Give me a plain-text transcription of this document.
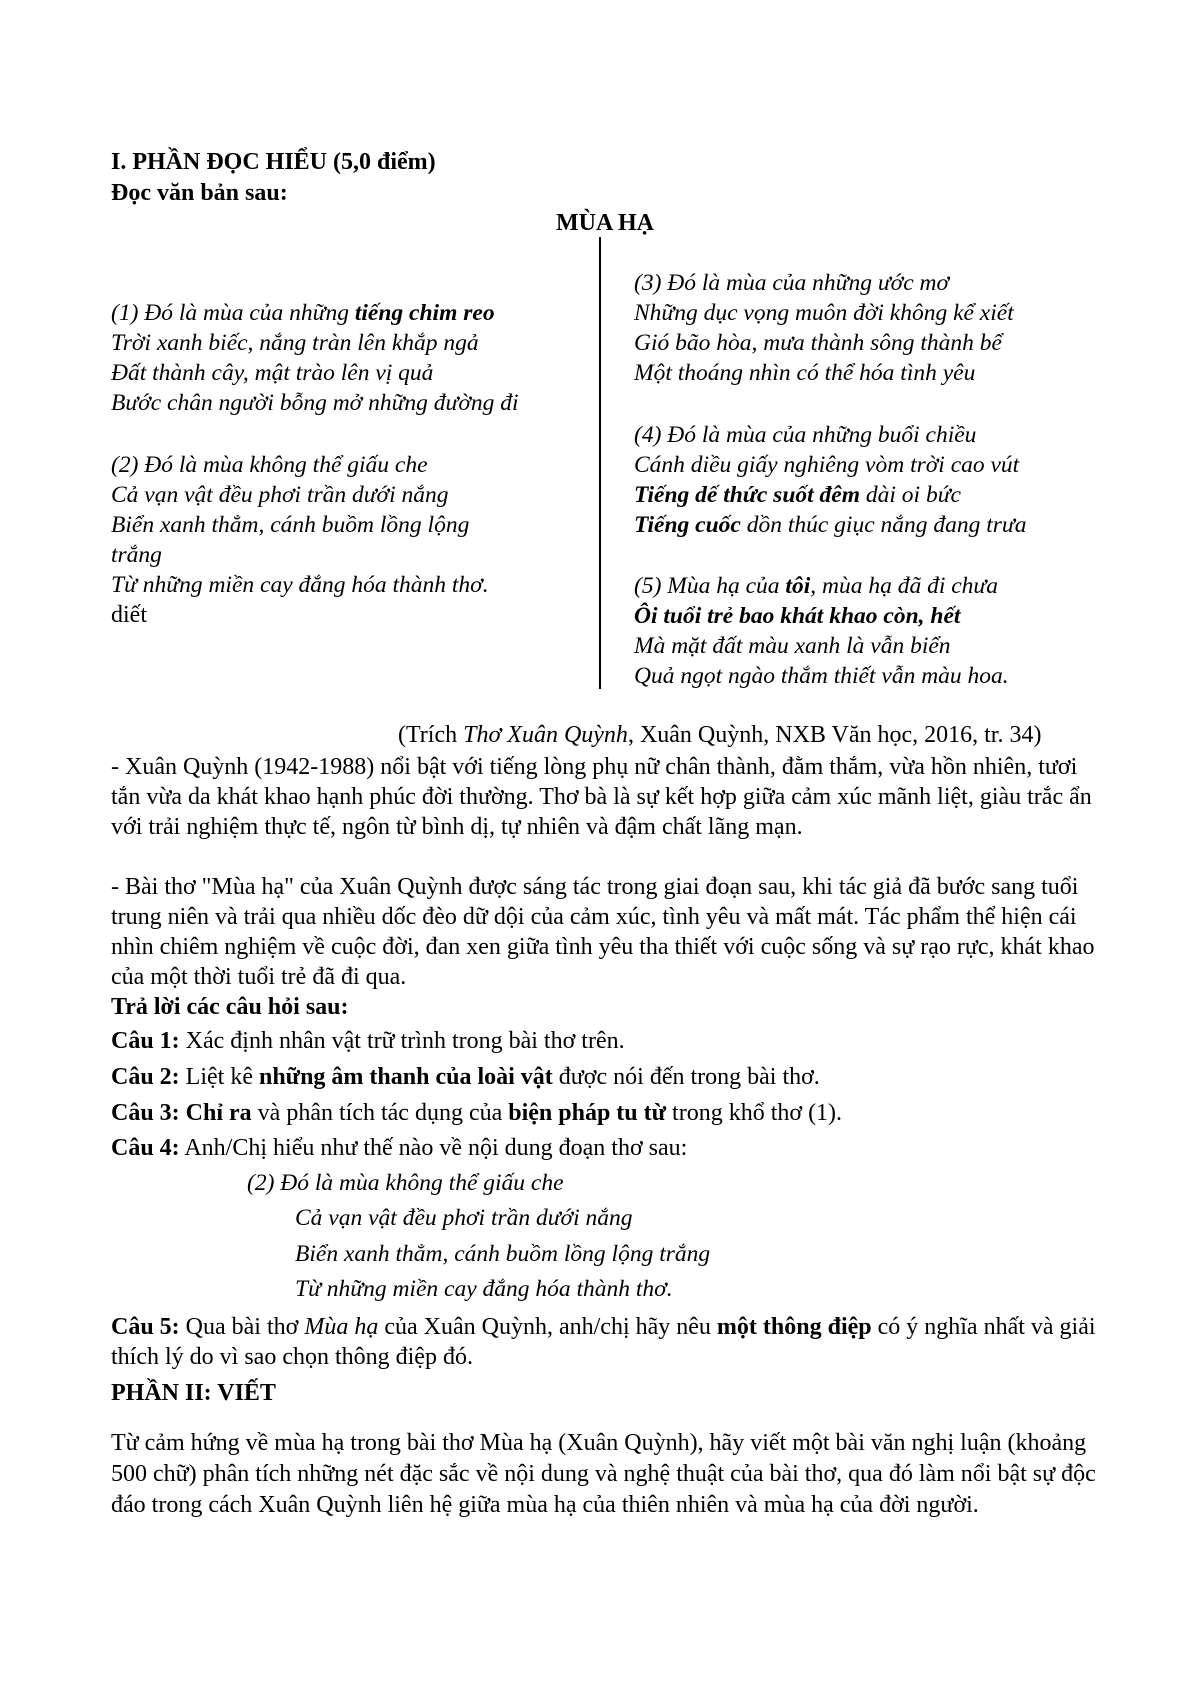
I. PHẦN ĐỌC HIỂU (5,0 điểm)
Đọc văn bản sau:
MÙA HẠ
(1) Đó là mùa của những tiếng chim reo
Trời xanh biếc, nắng tràn lên khắp ngả
Đất thành cây, mật trào lên vị quả
Bước chân người bỗng mở những đường đi
(2) Đó là mùa không thể giấu che
Cả vạn vật đều phơi trần dưới nắng
Biển xanh thẳm, cánh buồm lồng lộng
trắng
Từ những miền cay đắng hóa thành thơ.
diết
(3) Đó là mùa của những ước mơ
Những dục vọng muôn đời không kể xiết
Gió bão hòa, mưa thành sông thành bể
Một thoáng nhìn có thể hóa tình yêu
(4) Đó là mùa của những buổi chiều
Cánh diều giấy nghiêng vòm trời cao vút
Tiếng dế thức suốt đêm dài oi bức
Tiếng cuốc dồn thúc giục nắng đang trưa
(5) Mùa hạ của tôi, mùa hạ đã đi chưa
Ôi tuổi trẻ bao khát khao còn, hết
Mà mặt đất màu xanh là vẫn biển
Quả ngọt ngào thắm thiết vẫn màu hoa.
(Trích Thơ Xuân Quỳnh, Xuân Quỳnh, NXB Văn học, 2016, tr. 34)
- Xuân Quỳnh (1942-1988) nổi bật với tiếng lòng phụ nữ chân thành, đằm thắm, vừa hồn nhiên, tươi tắn vừa da khát khao hạnh phúc đời thường. Thơ bà là sự kết hợp giữa cảm xúc mãnh liệt, giàu trắc ẩn với trải nghiệm thực tế, ngôn từ bình dị, tự nhiên và đậm chất lãng mạn.
- Bài thơ "Mùa hạ" của Xuân Quỳnh được sáng tác trong giai đoạn sau, khi tác giả đã bước sang tuổi trung niên và trải qua nhiều dốc đèo dữ dội của cảm xúc, tình yêu và mất mát. Tác phẩm thể hiện cái nhìn chiêm nghiệm về cuộc đời, đan xen giữa tình yêu tha thiết với cuộc sống và sự rạo rực, khát khao của một thời tuổi trẻ đã đi qua.
Trả lời các câu hỏi sau:
Câu 1: Xác định nhân vật trữ trình trong bài thơ trên.
Câu 2: Liệt kê những âm thanh của loài vật được nói đến trong bài thơ.
Câu 3: Chỉ ra và phân tích tác dụng của biện pháp tu từ trong khổ thơ (1).
Câu 4: Anh/Chị hiểu như thế nào về nội dung đoạn thơ sau:
(2) Đó là mùa không thể giấu che
Cả vạn vật đều phơi trần dưới nắng
Biển xanh thẳm, cánh buồm lồng lộng trắng
Từ những miền cay đắng hóa thành thơ.
Câu 5: Qua bài thơ Mùa hạ của Xuân Quỳnh, anh/chị hãy nêu một thông điệp có ý nghĩa nhất và giải thích lý do vì sao chọn thông điệp đó.
PHẦN II: VIẾT
Từ cảm hứng về mùa hạ trong bài thơ Mùa hạ (Xuân Quỳnh), hãy viết một bài văn nghị luận (khoảng 500 chữ) phân tích những nét đặc sắc về nội dung và nghệ thuật của bài thơ, qua đó làm nổi bật sự độc đáo trong cách Xuân Quỳnh liên hệ giữa mùa hạ của thiên nhiên và mùa hạ của đời người.
